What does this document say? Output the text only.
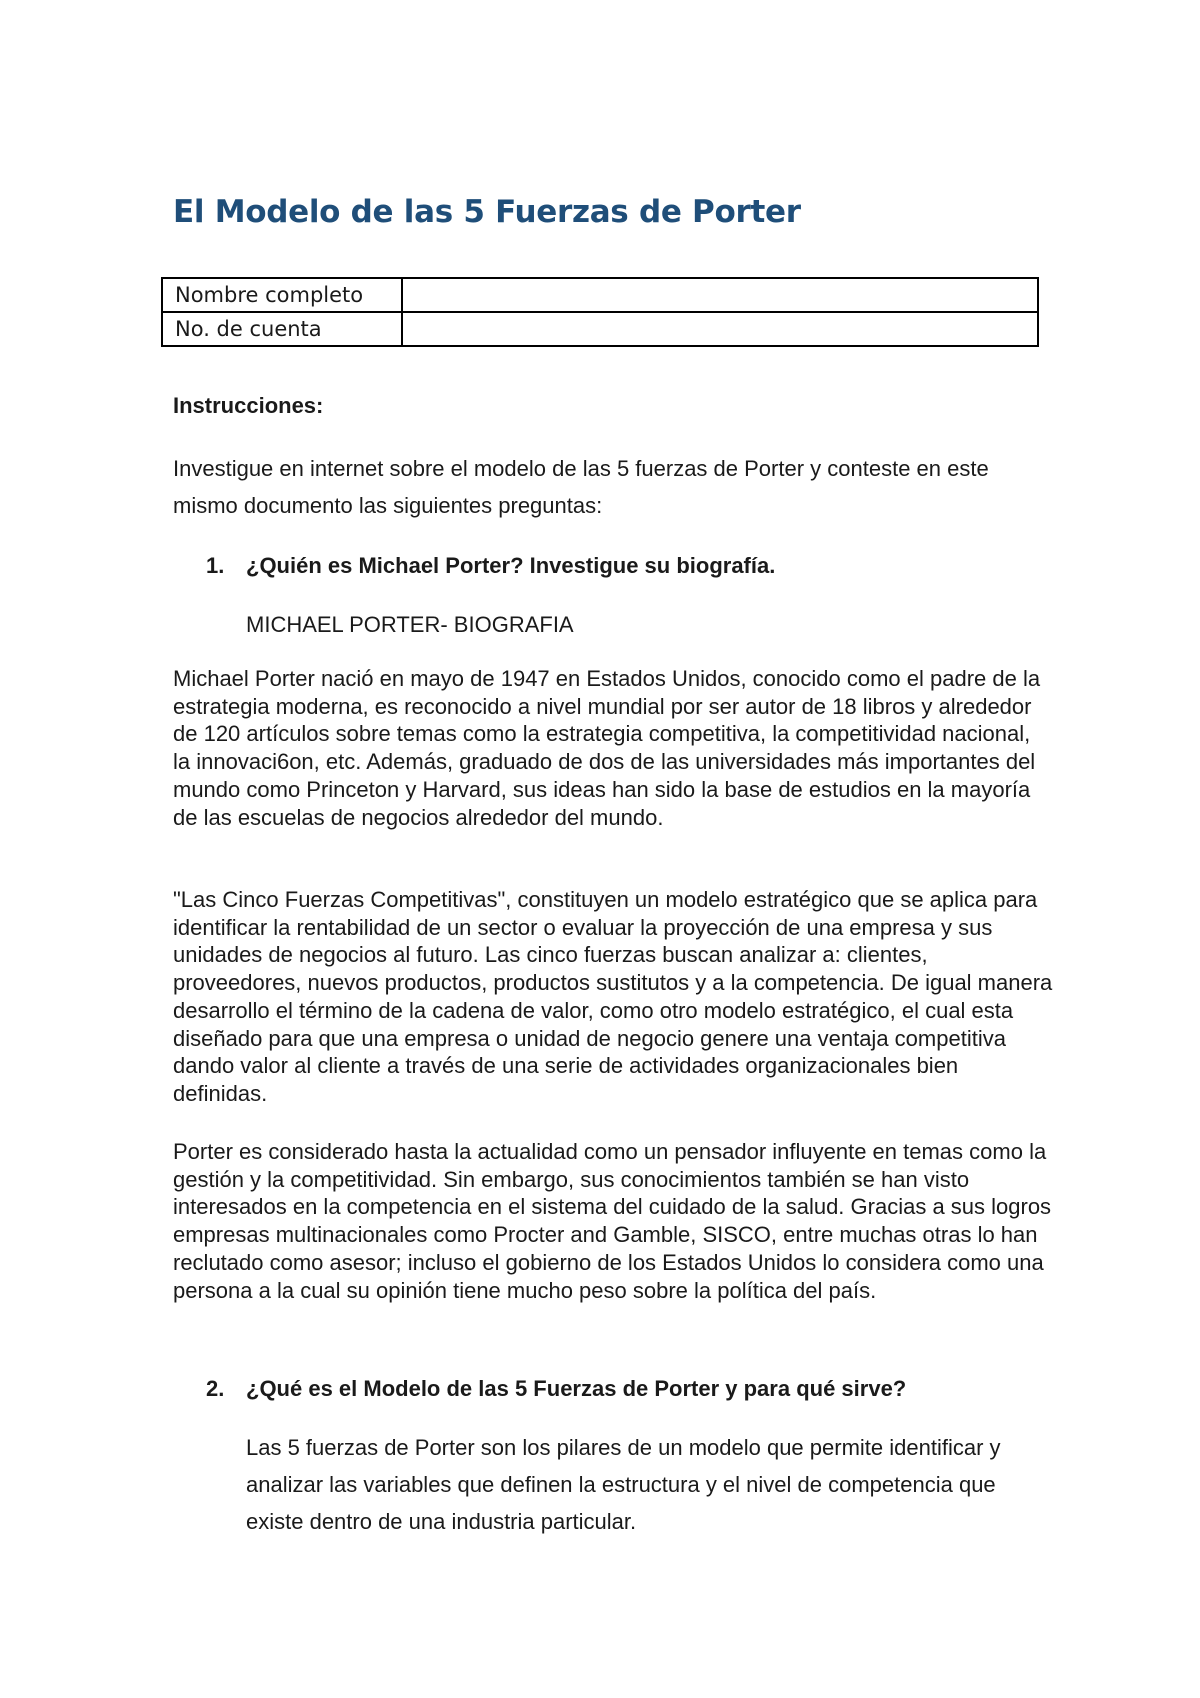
El Modelo de las 5 Fuerzas de Porter
Nombre completo	
No. de cuenta	

Instrucciones:

Investigue en internet sobre el modelo de las 5 fuerzas de Porter y conteste en este mismo documento las siguientes preguntas:

1. ¿Quién es Michael Porter? Investigue su biografía.

MICHAEL PORTER- BIOGRAFIA

Michael Porter nació en mayo de 1947 en Estados Unidos, conocido como el padre de la estrategia moderna, es reconocido a nivel mundial por ser autor de 18 libros y alrededor de 120 artículos sobre temas como la estrategia competitiva, la competitividad nacional, la innovaci6on, etc. Además, graduado de dos de las universidades más importantes del mundo como Princeton y Harvard, sus ideas han sido la base de estudios en la mayoría de las escuelas de negocios alrededor del mundo.

"Las Cinco Fuerzas Competitivas", constituyen un modelo estratégico que se aplica para identificar la rentabilidad de un sector o evaluar la proyección de una empresa y sus unidades de negocios al futuro. Las cinco fuerzas buscan analizar a: clientes, proveedores, nuevos productos, productos sustitutos y a la competencia. De igual manera desarrollo el término de la cadena de valor, como otro modelo estratégico, el cual esta diseñado para que una empresa o unidad de negocio genere una ventaja competitiva dando valor al cliente a través de una serie de actividades organizacionales bien definidas.

Porter es considerado hasta la actualidad como un pensador influyente en temas como la gestión y la competitividad. Sin embargo, sus conocimientos también se han visto interesados en la competencia en el sistema del cuidado de la salud. Gracias a sus logros empresas multinacionales como Procter and Gamble, SISCO, entre muchas otras lo han reclutado como asesor; incluso el gobierno de los Estados Unidos lo considera como una persona a la cual su opinión tiene mucho peso sobre la política del país.

2. ¿Qué es el Modelo de las 5 Fuerzas de Porter y para qué sirve?

Las 5 fuerzas de Porter son los pilares de un modelo que permite identificar y analizar las variables que definen la estructura y el nivel de competencia que existe dentro de una industria particular.
